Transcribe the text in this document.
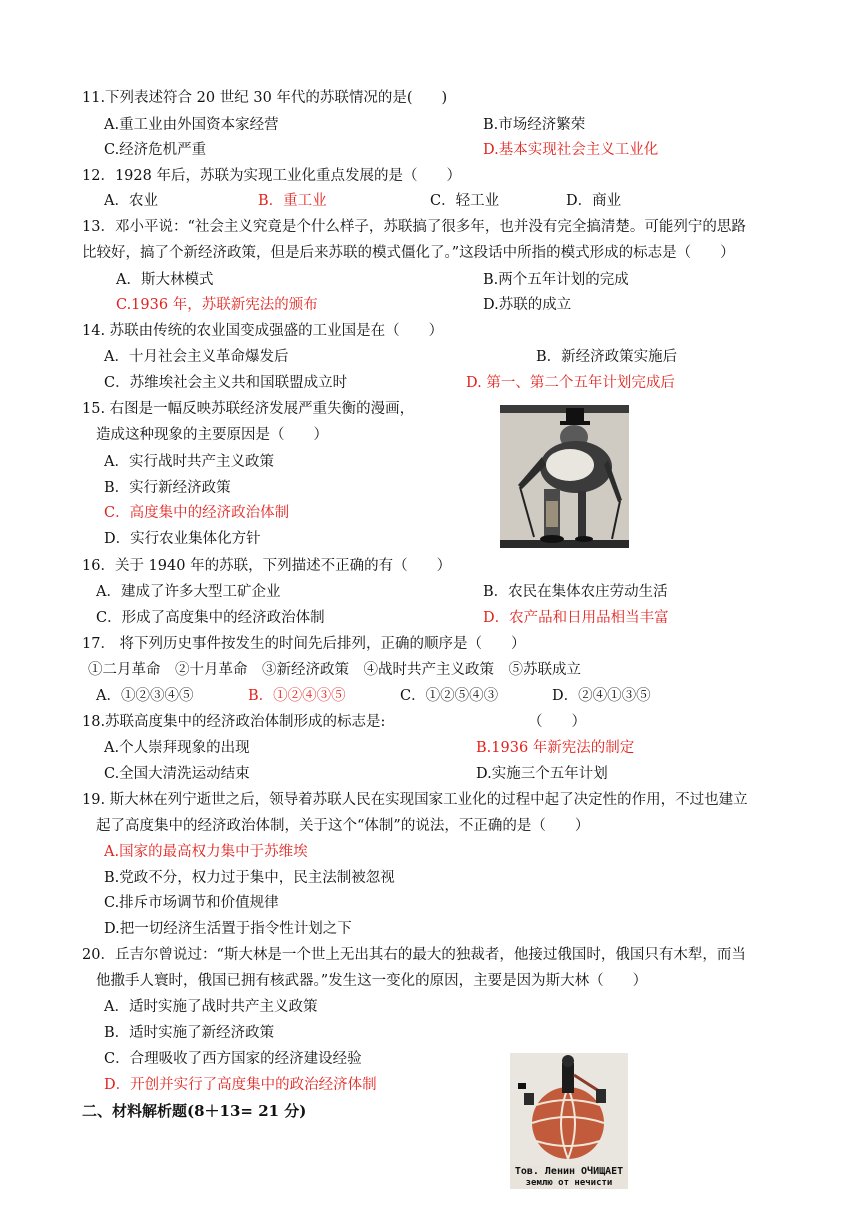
11.下列表述符合 20 世纪 30 年代的苏联情况的是(　　)
A.重工业由外国资本家经营	B.市场经济繁荣
C.经济危机严重	D.基本实现社会主义工业化
12．1928 年后，苏联为实现工业化重点发展的是（　　）
A．农业	B．重工业	C．轻工业	D．商业
13．邓小平说：“社会主义究竟是个什么样子，苏联搞了很多年，也并没有完全搞清楚。可能列宁的思路
比较好，搞了个新经济政策，但是后来苏联的模式僵化了。”这段话中所指的模式形成的标志是（　　）
A．斯大林模式	B.两个五年计划的完成
C.1936 年，苏联新宪法的颁布	D.苏联的成立
14. 苏联由传统的农业国变成强盛的工业国是在（　　）
A．十月社会主义革命爆发后	B．新经济政策实施后
C．苏维埃社会主义共和国联盟成立时	D. 第一、第二个五年计划完成后
15. 右图是一幅反映苏联经济发展严重失衡的漫画，
造成这种现象的主要原因是（　　）
A．实行战时共产主义政策
B．实行新经济政策
C．高度集中的经济政治体制
D．实行农业集体化方针
16．关于 1940 年的苏联，下列描述不正确的有（　　）
A．建成了许多大型工矿企业	B．农民在集体农庄劳动生活
C．形成了高度集中的经济政治体制	D．农产品和日用品相当丰富
17． 将下列历史事件按发生的时间先后排列，正确的顺序是（　　）
①二月革命　②十月革命　③新经济政策　④战时共产主义政策　⑤苏联成立
A．①②③④⑤	B．①②④③⑤	C．①②⑤④③	D．②④①③⑤
18.苏联高度集中的经济政治体制形成的标志是:	（　　）
A.个人崇拜现象的出现	B.1936 年新宪法的制定
C.全国大清洗运动结束	D.实施三个五年计划
19. 斯大林在列宁逝世之后，领导着苏联人民在实现国家工业化的过程中起了决定性的作用，不过也建立
起了高度集中的经济政治体制，关于这个“体制”的说法，不正确的是（　　）
A.国家的最高权力集中于苏维埃
B.党政不分，权力过于集中，民主法制被忽视
C.排斥市场调节和价值规律
D.把一切经济生活置于指令性计划之下
20．丘吉尔曾说过：“斯大林是一个世上无出其右的最大的独裁者，他接过俄国时，俄国只有木犁，而当
他撒手人寰时，俄国已拥有核武器。”发生这一变化的原因，主要是因为斯大林（　　）
A．适时实施了战时共产主义政策
B．适时实施了新经济政策
C．合理吸收了西方国家的经济建设经验
D．开创并实行了高度集中的政治经济体制
二、材料解析题(8＋13= 21 分)
Тов. Ленин ОЧИЩАЕТ
землю от нечисти
